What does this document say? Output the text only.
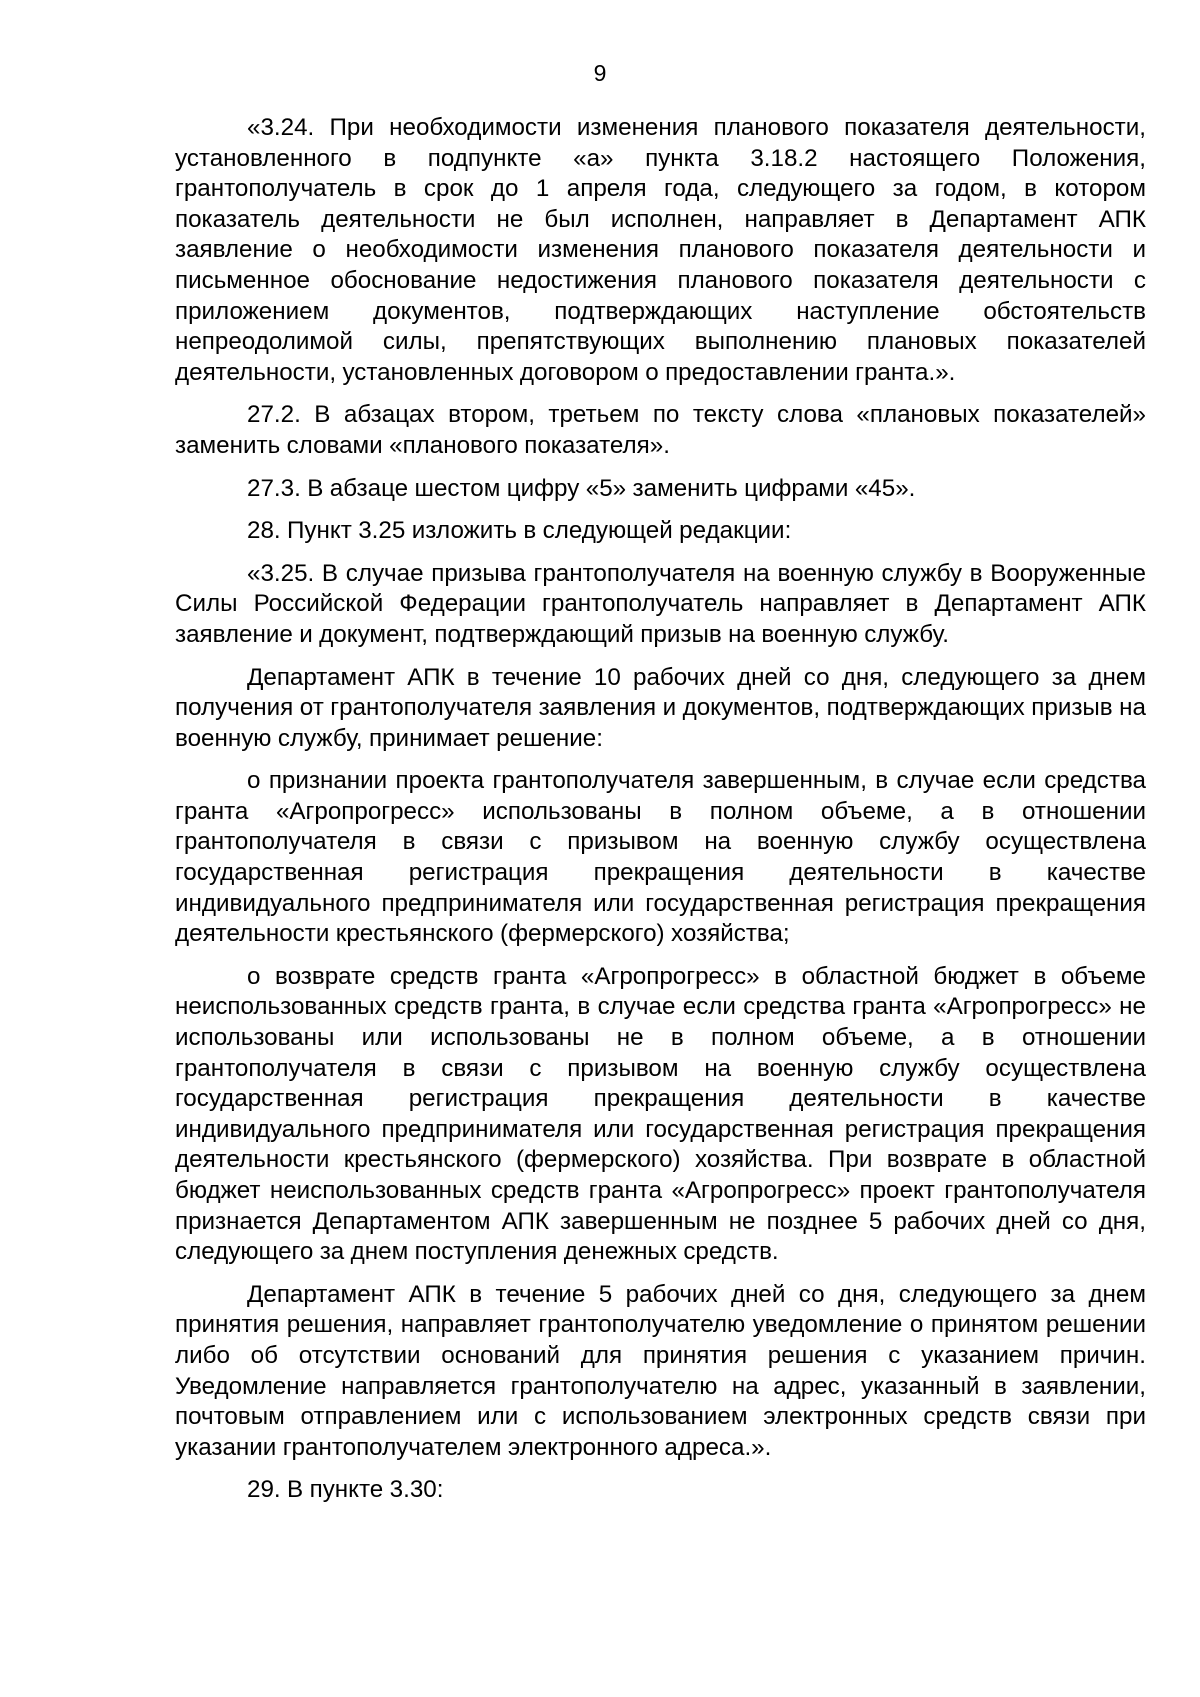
9

«3.24. При необходимости изменения планового показателя деятельности, установленного в подпункте «а» пункта 3.18.2 настоящего Положения, грантополучатель в срок до 1 апреля года, следующего за годом, в котором показатель деятельности не был исполнен, направляет в Департамент АПК заявление о необходимости изменения планового показателя деятельности и письменное обоснование недостижения планового показателя деятельности с приложением документов, подтверждающих наступление обстоятельств непреодолимой силы, препятствующих выполнению плановых показателей деятельности, установленных договором о предоставлении гранта.».

27.2. В абзацах втором, третьем по тексту слова «плановых показателей» заменить словами «планового показателя».

27.3. В абзаце шестом цифру «5» заменить цифрами «45».

28. Пункт 3.25 изложить в следующей редакции:

«3.25. В случае призыва грантополучателя на военную службу в Вооруженные Силы Российской Федерации грантополучатель направляет в Департамент АПК заявление и документ, подтверждающий призыв на военную службу.

Департамент АПК в течение 10 рабочих дней со дня, следующего за днем получения от грантополучателя заявления и документов, подтверждающих призыв на военную службу, принимает решение:

о признании проекта грантополучателя завершенным, в случае если средства гранта «Агропрогресс» использованы в полном объеме, а в отношении грантополучателя в связи с призывом на военную службу осуществлена государственная регистрация прекращения деятельности в качестве индивидуального предпринимателя или государственная регистрация прекращения деятельности крестьянского (фермерского) хозяйства;

о возврате средств гранта «Агропрогресс» в областной бюджет в объеме неиспользованных средств гранта, в случае если средства гранта «Агропрогресс» не использованы или использованы не в полном объеме, а в отношении грантополучателя в связи с призывом на военную службу осуществлена государственная регистрация прекращения деятельности в качестве индивидуального предпринимателя или государственная регистрация прекращения деятельности крестьянского (фермерского) хозяйства. При возврате в областной бюджет неиспользованных средств гранта «Агропрогресс» проект грантополучателя признается Департаментом АПК завершенным не позднее 5 рабочих дней со дня, следующего за днем поступления денежных средств.

Департамент АПК в течение 5 рабочих дней со дня, следующего за днем принятия решения, направляет грантополучателю уведомление о принятом решении либо об отсутствии оснований для принятия решения с указанием причин. Уведомление направляется грантополучателю на адрес, указанный в заявлении, почтовым отправлением или с использованием электронных средств связи при указании грантополучателем электронного адреса.».

29. В пункте 3.30:
